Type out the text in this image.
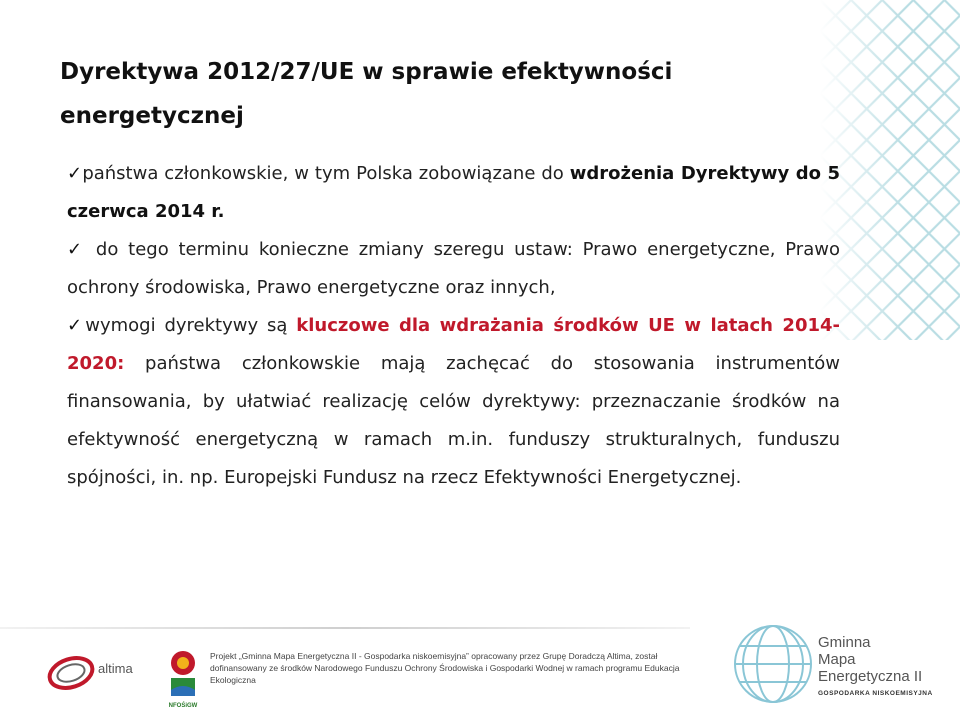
Dyrektywa 2012/27/UE w sprawie efektywności
energetycznej

✓państwa członkowskie, w tym Polska zobowiązane do wdrożenia Dyrektywy do 5 czerwca 2014 r.

✓ do tego terminu konieczne zmiany szeregu ustaw: Prawo energetyczne, Prawo ochrony środowiska, Prawo energetyczne oraz innych,

✓wymogi dyrektywy są kluczowe dla wdrażania środków UE w latach 2014-2020: państwa członkowskie mają zachęcać do stosowania instrumentów finansowania, by ułatwiać realizację celów dyrektywy: przeznaczanie środków na efektywność energetyczną w ramach m.in. funduszy strukturalnych, funduszu spójności, in. np. Europejski Fundusz na rzecz Efektywności Energetycznej.

altima
NFOŚiGW
Projekt „Gminna Mapa Energetyczna II - Gospodarka niskoemisyjna” opracowany przez Grupę Doradczą Altima, został dofinansowany ze środków Narodowego Funduszu Ochrony Środowiska i Gospodarki Wodnej w ramach programu Edukacja Ekologiczna
Gminna
Mapa
Energetyczna II
GOSPODARKA NISKOEMISYJNA
